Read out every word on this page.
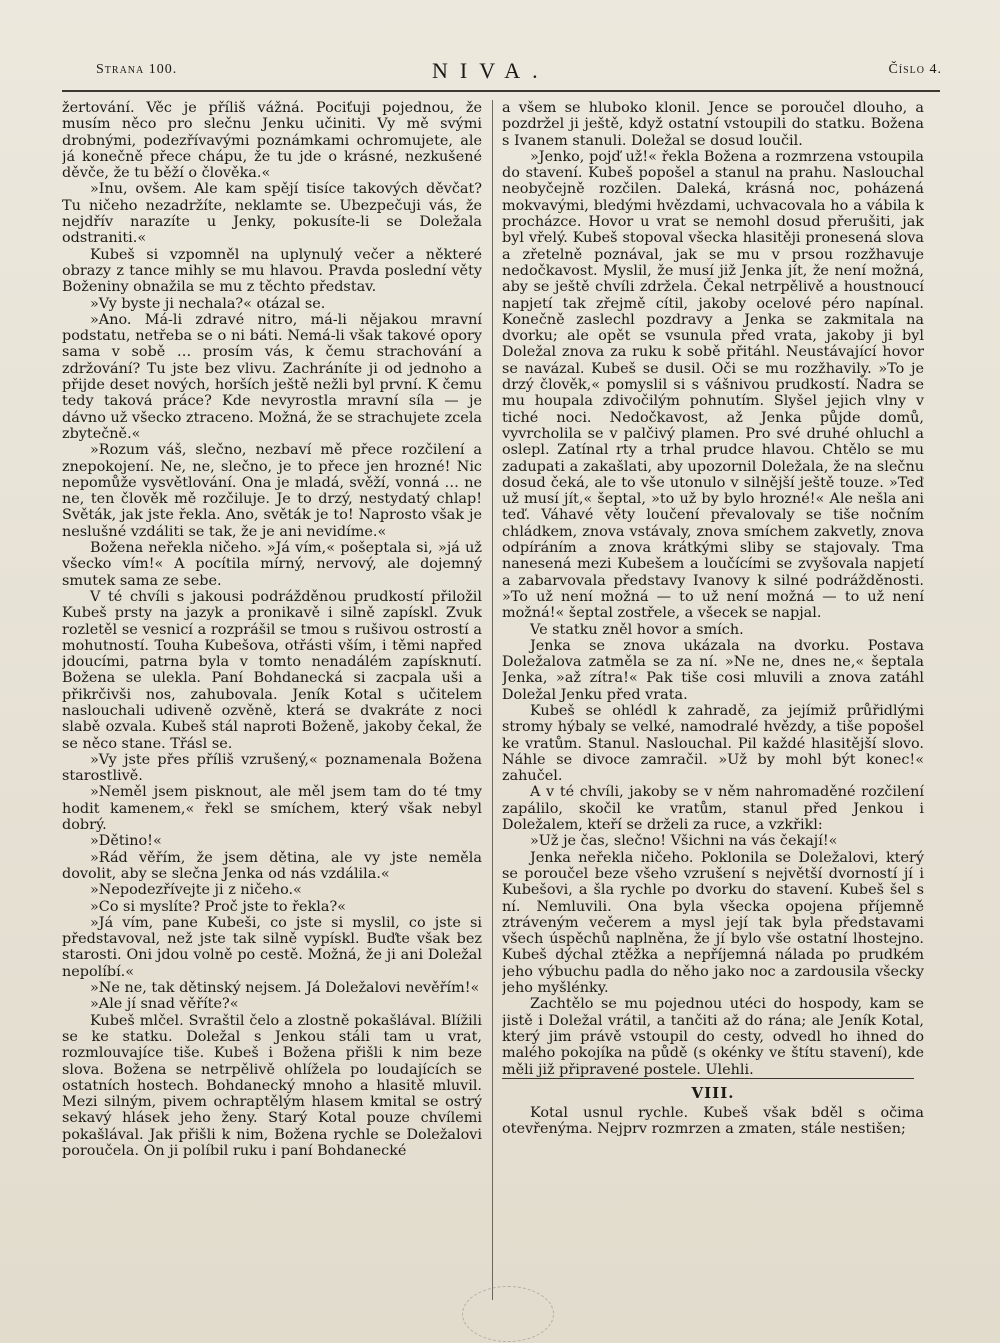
Strana 100.	NIVA.	Číslo 4.

žertování. Věc je příliš vážná. Pociťuji pojednou, že musím něco pro slečnu Jenku učiniti. Vy mě svými drobnými, podezřívavými poznámkami ochromujete, ale já konečně přece chápu, že tu jde o krásné, nezkušené děvče, že tu běží o člověka.«

»Inu, ovšem. Ale kam spějí tisíce takových děvčat? Tu ničeho nezadržíte, neklamte se. Ubezpečuji vás, že nejdřív narazíte u Jenky, pokusíte-li se Doležala odstraniti.«

Kubeš si vzpomněl na uplynulý večer a některé obrazy z tance mihly se mu hlavou. Pravda poslední věty Boženiny obnažila se mu z těchto představ.

»Vy byste ji nechala?« otázal se.

»Ano. Má-li zdravé nitro, má-li nějakou mravní podstatu, netřeba se o ni báti. Nemá-li však takové opory sama v sobě … prosím vás, k čemu strachování a zdržování? Tu jste bez vlivu. Zachráníte ji od jednoho a přijde deset nových, horších ještě nežli byl první. K čemu tedy taková práce? Kde nevyrostla mravní síla — je dávno už všecko ztraceno. Možná, že se strachujete zcela zbytečně.«

»Rozum váš, slečno, nezbaví mě přece rozčilení a znepokojení. Ne, ne, slečno, je to přece jen hrozné! Nic nepomůže vysvětlování. Ona je mladá, svěží, vonná … ne ne, ten člověk mě rozčiluje. Je to drzý, nestydatý chlap! Světák, jak jste řekla. Ano, světák je to! Naprosto však je neslušné vzdáliti se tak, že je ani nevidíme.«

Božena neřekla ničeho. »Já vím,« pošeptala si, »já už všecko vím!« A pocítila mírný, nervový, ale dojemný smutek sama ze sebe.

V té chvíli s jakousi podrážděnou prudkostí přiložil Kubeš prsty na jazyk a pronikavě i silně zapískl. Zvuk rozletěl se vesnicí a rozprášil se tmou s rušivou ostrostí a mohutností. Touha Kubešova, otřásti vším, i těmi napřed jdoucími, patrna byla v tomto nenadálém zapísknutí. Božena se ulekla. Paní Bohdanecká si zacpala uši a přikrčivši nos, zahubovala. Jeník Kotal s učitelem naslouchali udiveně ozvěně, která se dvakráte z noci slabě ozvala. Kubeš stál naproti Boženě, jakoby čekal, že se něco stane. Třásl se.

»Vy jste přes příliš vzrušený,« poznamenala Božena starostlivě.

»Neměl jsem pisknout, ale měl jsem tam do té tmy hodit kamenem,« řekl se smíchem, který však nebyl dobrý.

»Dětino!«

»Rád věřím, že jsem dětina, ale vy jste neměla dovolit, aby se slečna Jenka od nás vzdálila.«

»Nepodezřívejte ji z ničeho.«

»Co si myslíte? Proč jste to řekla?«

»Já vím, pane Kubeši, co jste si myslil, co jste si představoval, než jste tak silně vypískl. Buďte však bez starosti. Oni jdou volně po cestě. Možná, že ji ani Doležal nepolíbí.«

»Ne ne, tak dětinský nejsem. Já Doležalovi nevěřím!«

»Ale jí snad věříte?«

Kubeš mlčel. Svraštil čelo a zlostně pokašlával. Blížili se ke statku. Doležal s Jenkou stáli tam u vrat, rozmlouvajíce tiše. Kubeš i Božena přišli k nim beze slova. Božena se netrpělivě ohlížela po loudajících se ostatních hostech. Bohdanecký mnoho a hlasitě mluvil. Mezi silným, pivem ochraptělým hlasem kmital se ostrý sekavý hlásek jeho ženy. Starý Kotal pouze chvílemi pokašlával. Jak přišli k nim, Božena rychle se Doležalovi poroučela. On ji políbil ruku i paní Bohdanecké

a všem se hluboko klonil. Jence se poroučel dlouho, a pozdržel ji ještě, když ostatní vstoupili do statku. Božena s Ivanem stanuli. Doležal se dosud loučil.

»Jenko, pojď už!« řekla Božena a rozmrzena vstoupila do stavení. Kubeš popošel a stanul na prahu. Naslouchal neobyčejně rozčilen. Daleká, krásná noc, poházená mokvavými, bledými hvězdami, uchvacovala ho a vábila k procházce. Hovor u vrat se nemohl dosud přerušiti, jak byl vřelý. Kubeš stopoval všecka hlasitěji pronesená slova a zřetelně poznával, jak se mu v prsou rozžhavuje nedočkavost. Myslil, že musí již Jenka jít, že není možná, aby se ještě chvíli zdržela. Čekal netrpělivě a houstnoucí napjetí tak zřejmě cítil, jakoby ocelové péro napínal. Konečně zaslechl pozdravy a Jenka se zakmitala na dvorku; ale opět se vsunula před vrata, jakoby ji byl Doležal znova za ruku k sobě přitáhl. Neustávající hovor se navázal. Kubeš se dusil. Oči se mu rozžhavily. »To je drzý člověk,« pomyslil si s vášnivou prudkostí. Ňadra se mu houpala zdivočilým pohnutím. Slyšel jejich vlny v tiché noci. Nedočkavost, až Jenka půjde domů, vyvrcholila se v palčivý plamen. Pro své druhé ohluchl a oslepl. Zatínal rty a trhal prudce hlavou. Chtělo se mu zadupati a zakašlati, aby upozornil Doležala, že na slečnu dosud čeká, ale to vše utonulo v silnější ještě touze. »Teď už musí jít,« šeptal, »to už by bylo hrozné!« Ale nešla ani teď. Váhavé věty loučení převalovaly se tiše nočním chládkem, znova vstávaly, znova smíchem zakvetly, znova odpíráním a znova krátkými sliby se stajovaly. Tma nanesená mezi Kubešem a loučícími se zvyšovala napjetí a zabarvovala představy Ivanovy k silné podrážděnosti. »To už není možná — to už není možná — to už není možná!« šeptal zostřele, a všecek se napjal.

Ve statku zněl hovor a smích.

Jenka se znova ukázala na dvorku. Postava Doležalova zatměla se za ní. »Ne ne, dnes ne,« šeptala Jenka, »až zítra!« Pak tiše cosi mluvili a znova zatáhl Doležal Jenku před vrata.

Kubeš se ohlédl k zahradě, za jejímiž průřidlými stromy hýbaly se velké, namodralé hvězdy, a tiše popošel ke vratům. Stanul. Naslouchal. Pil každé hlasitější slovo. Náhle se divoce zamračil. »Už by mohl být konec!« zahučel.

A v té chvíli, jakoby se v něm nahromaděné rozčilení zapálilo, skočil ke vratům, stanul před Jenkou i Doležalem, kteří se drželi za ruce, a vzkřikl:

»Už je čas, slečno! Všichni na vás čekají!«

Jenka neřekla ničeho. Poklonila se Doležalovi, který se poroučel beze všeho vzrušení s největší dvorností jí i Kubešovi, a šla rychle po dvorku do stavení. Kubeš šel s ní. Nemluvili. Ona byla všecka opojena příjemně ztráveným večerem a mysl její tak byla představami všech úspěchů naplněna, že jí bylo vše ostatní lhostejno. Kubeš dýchal ztěžka a nepříjemná nálada po prudkém jeho výbuchu padla do něho jako noc a zardousila všecky jeho myšlénky.

Zachtělo se mu pojednou utéci do hospody, kam se jistě i Doležal vrátil, a tančiti až do rána; ale Jeník Kotal, který jim právě vstoupil do cesty, odvedl ho ihned do malého pokojíka na půdě (s okénky ve štítu stavení), kde měli již připravené postele. Ulehli.

VIII.

Kotal usnul rychle. Kubeš však bděl s očima otevřenýma. Nejprv rozmrzen a zmaten, stále nestišen;
